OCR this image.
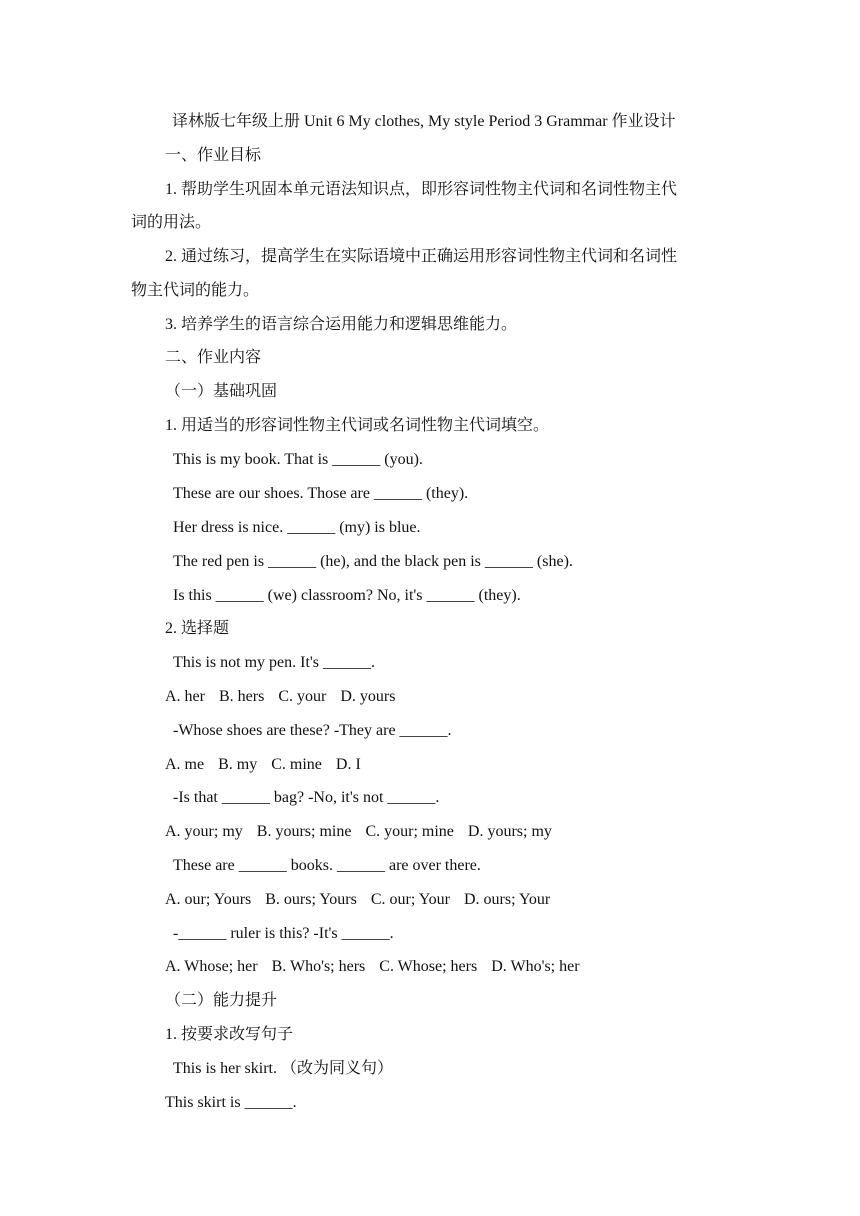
译林版七年级上册 Unit 6 My clothes, My style Period 3 Grammar 作业设计
一、作业目标
1. 帮助学生巩固本单元语法知识点，即形容词性物主代词和名词性物主代
词的用法。
2. 通过练习，提高学生在实际语境中正确运用形容词性物主代词和名词性
物主代词的能力。
3. 培养学生的语言综合运用能力和逻辑思维能力。
二、作业内容
（一）基础巩固
1. 用适当的形容词性物主代词或名词性物主代词填空。
This is my book. That is ______ (you).
These are our shoes. Those are ______ (they).
Her dress is nice. ______ (my) is blue.
The red pen is ______ (he), and the black pen is ______ (she).
Is this ______ (we) classroom? No, it's ______ (they).
2. 选择题
This is not my pen. It's ______.
A. her B. hers C. your D. yours
-Whose shoes are these? -They are ______.
A. me B. my C. mine D. I
-Is that ______ bag? -No, it's not ______.
A. your; my B. yours; mine C. your; mine D. yours; my
These are ______ books. ______ are over there.
A. our; Yours B. ours; Yours C. our; Your D. ours; Your
-______ ruler is this? -It's ______.
A. Whose; her B. Who's; hers C. Whose; hers D. Who's; her
（二）能力提升
1. 按要求改写句子
This is her skirt. （改为同义句）
This skirt is ______.
